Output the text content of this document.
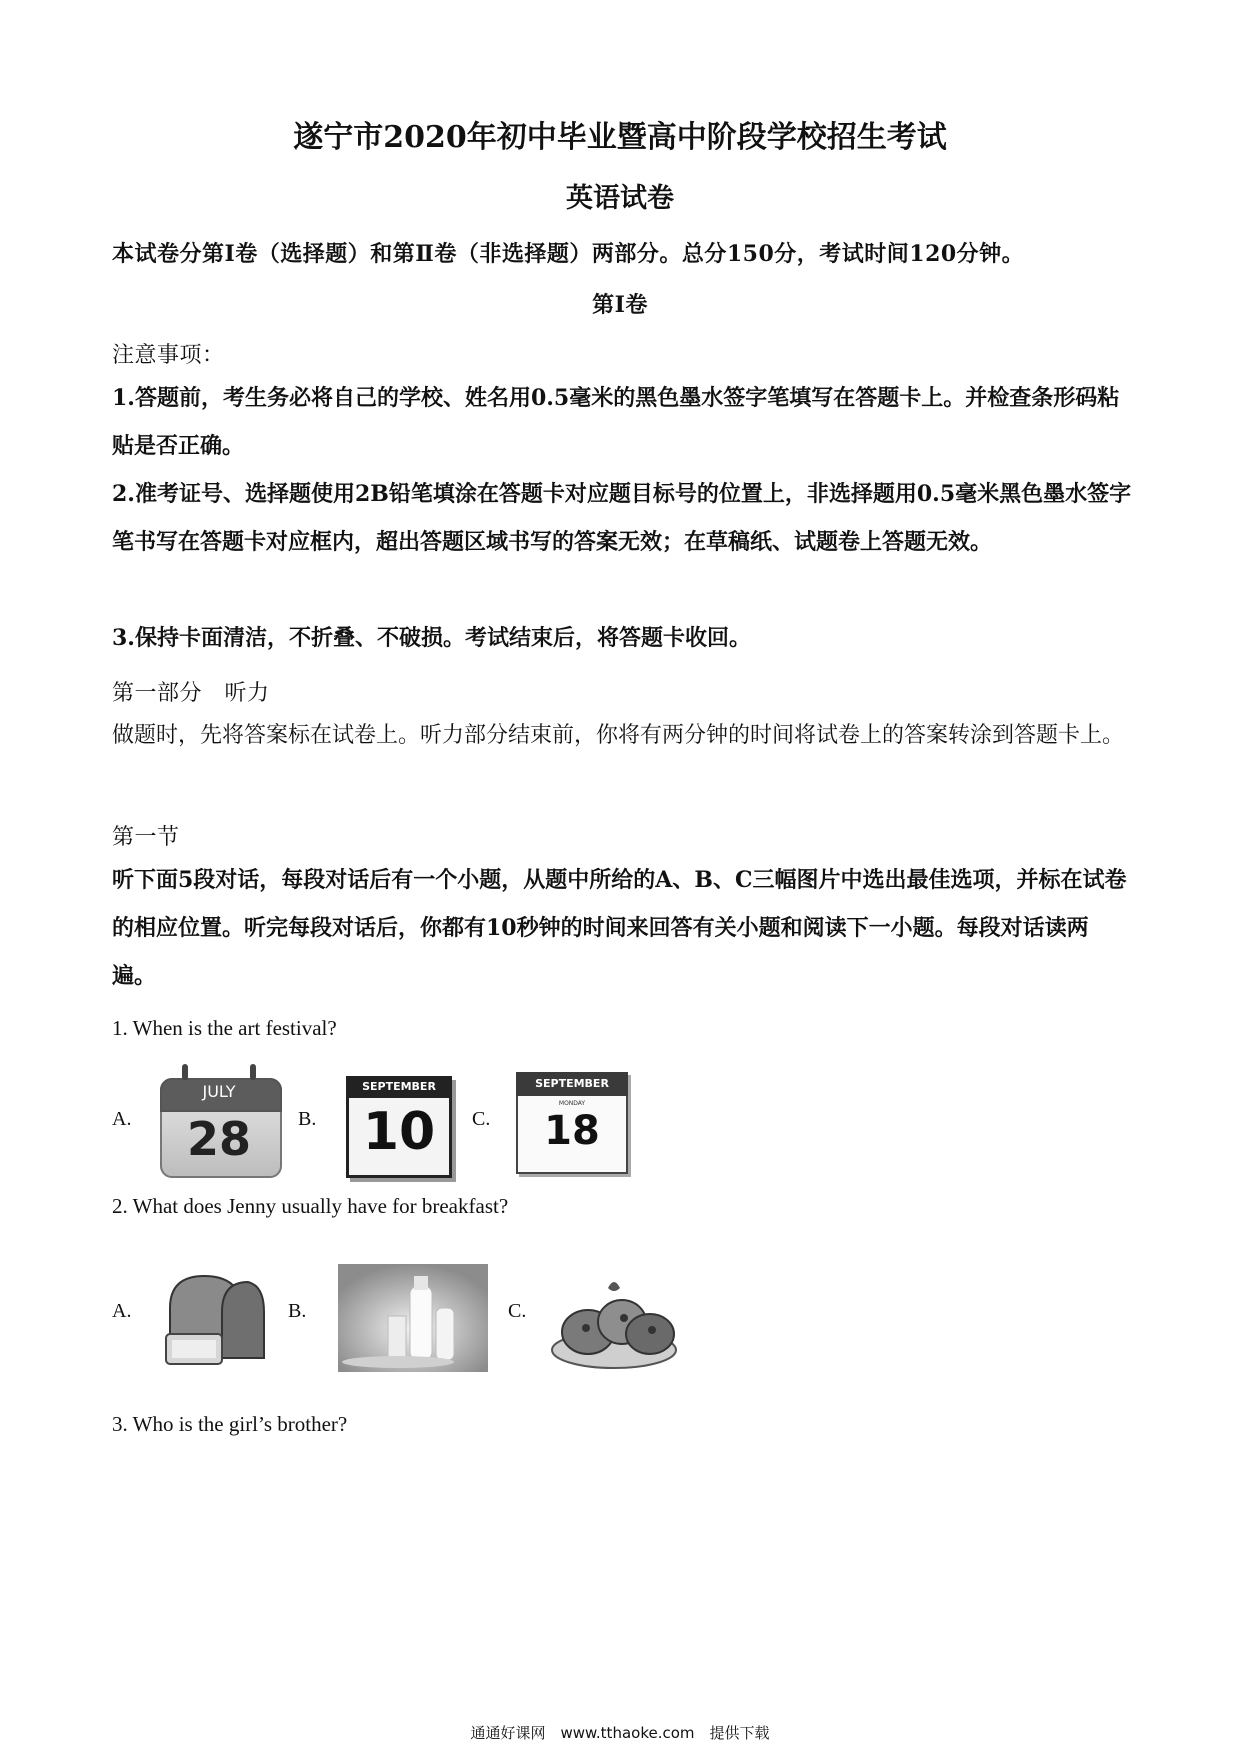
遂宁市2020年初中毕业暨高中阶段学校招生考试
英语试卷
本试卷分第Ⅰ卷（选择题）和第Ⅱ卷（非选择题）两部分。总分150分，考试时间120分钟。
第Ⅰ卷
注意事项：
1.答题前，考生务必将自己的学校、姓名用0.5毫米的黑色墨水签字笔填写在答题卡上。并检查条形码粘贴是否正确。
2.准考证号、选择题使用2B铅笔填涂在答题卡对应题目标号的位置上，非选择题用0.5毫米黑色墨水签字笔书写在答题卡对应框内，超出答题区域书写的答案无效；在草稿纸、试题卷上答题无效。
3.保持卡面清洁，不折叠、不破损。考试结束后，将答题卡收回。
第一部分　听力
做题时，先将答案标在试卷上。听力部分结束前，你将有两分钟的时间将试卷上的答案转涂到答题卡上。
第一节
听下面5段对话，每段对话后有一个小题，从题中所给的A、B、C三幅图片中选出最佳选项，并标在试卷的相应位置。听完每段对话后，你都有10秒钟的时间来回答有关小题和阅读下一小题。每段对话读两遍。
1. When is the art festival?
A.
JULY
28	B.
SEPTEMBER
10	C.
SEPTEMBER
MONDAY
18
2. What does Jenny usually have for breakfast?
A.	B.	C.
3. Who is the girl’s brother?
通通好课网　www.tthaoke.com　提供下载
